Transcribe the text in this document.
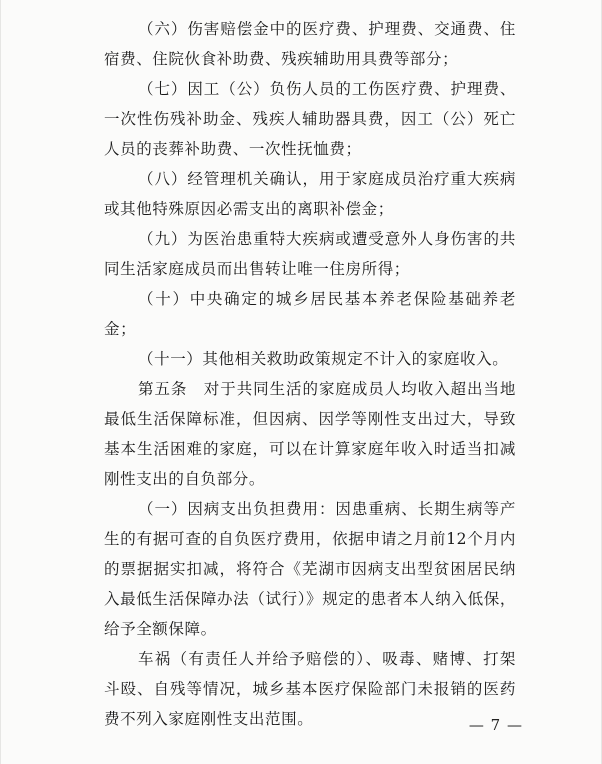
（六）伤害赔偿金中的医疗费、护理费、交通费、住宿费、住院伙食补助费、残疾辅助用具费等部分；

（七）因工（公）负伤人员的工伤医疗费、护理费、一次性伤残补助金、残疾人辅助器具费，因工（公）死亡人员的丧葬补助费、一次性抚恤费；

（八）经管理机关确认，用于家庭成员治疗重大疾病或其他特殊原因必需支出的离职补偿金；

（九）为医治患重特大疾病或遭受意外人身伤害的共同生活家庭成员而出售转让唯一住房所得；

（十）中央确定的城乡居民基本养老保险基础养老金；

（十一）其他相关救助政策规定不计入的家庭收入。

第五条　对于共同生活的家庭成员人均收入超出当地最低生活保障标准，但因病、因学等刚性支出过大，导致基本生活困难的家庭，可以在计算家庭年收入时适当扣减刚性支出的自负部分。

（一）因病支出负担费用：因患重病、长期生病等产生的有据可查的自负医疗费用，依据申请之月前12个月内的票据据实扣减，将符合《芜湖市因病支出型贫困居民纳入最低生活保障办法（试行）》规定的患者本人纳入低保，给予全额保障。

车祸（有责任人并给予赔偿的）、吸毒、赌博、打架斗殴、自残等情况，城乡基本医疗保险部门未报销的医药费不列入家庭刚性支出范围。	— 7 —
